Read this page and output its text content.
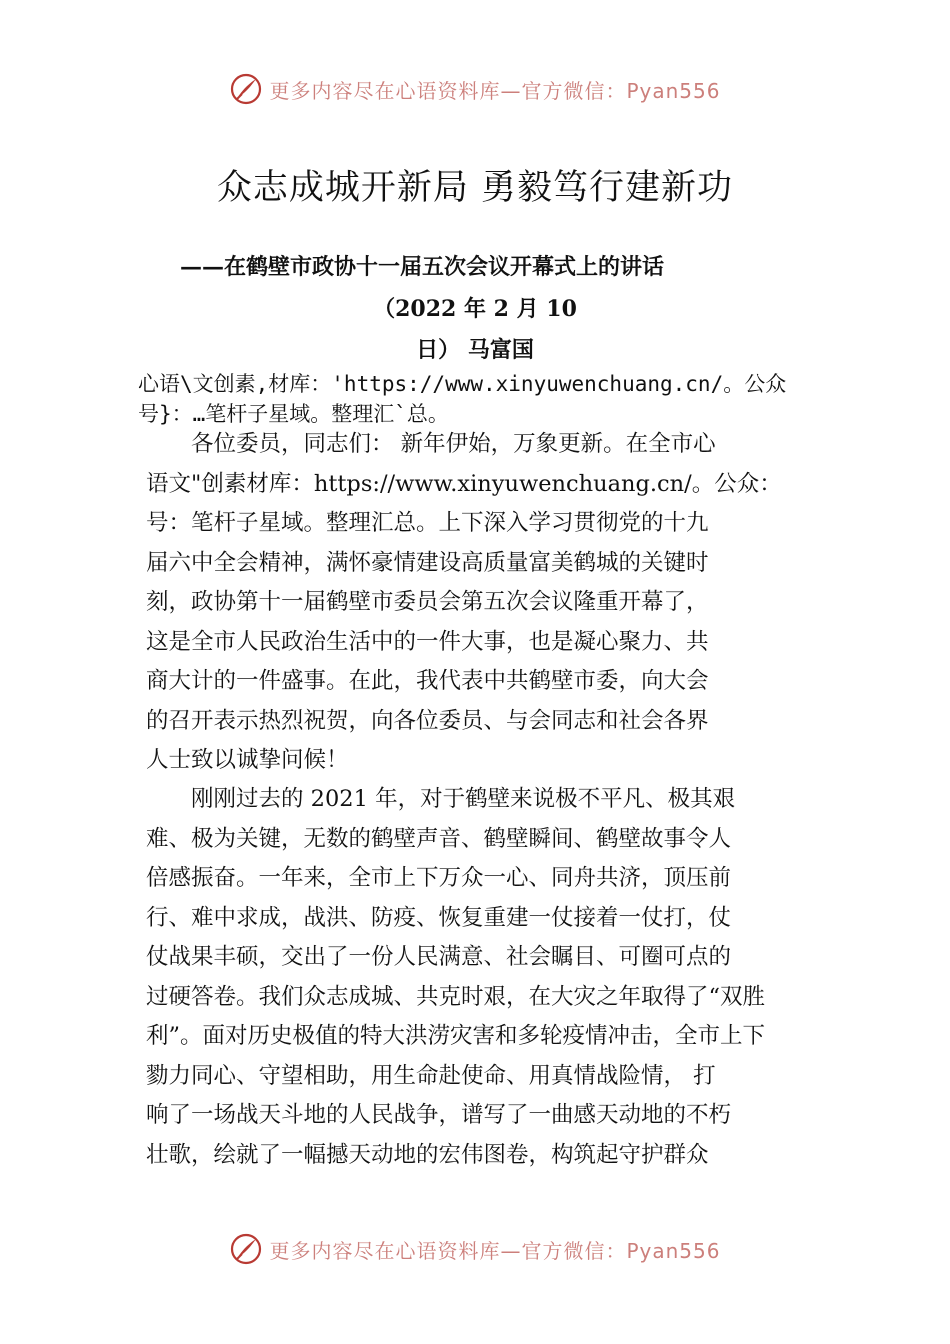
更多内容尽在心语资料库—官方微信：Pyan556
众志成城开新局 勇毅笃行建新功
——在鹤壁市政协十一届五次会议开幕式上的讲话
（2022 年 2 月 10
日） 马富国
心语\文创素,材库：'https://www.xinyuwenchuang.cn/。公众
号}：…笔杆子星域。整理汇`总。
各位委员，同志们： 新年伊始，万象更新。在全市心
语文"创素材库：https://www.xinyuwenchuang.cn/。公众：
号：笔杆子星域。整理汇总。上下深入学习贯彻党的十九
届六中全会精神，满怀豪情建设高质量富美鹤城的关键时
刻，政协第十一届鹤壁市委员会第五次会议隆重开幕了，
这是全市人民政治生活中的一件大事，也是凝心聚力、共
商大计的一件盛事。在此，我代表中共鹤壁市委，向大会
的召开表示热烈祝贺，向各位委员、与会同志和社会各界
人士致以诚挚问候！
刚刚过去的 2021 年，对于鹤壁来说极不平凡、极其艰
难、极为关键，无数的鹤壁声音、鹤壁瞬间、鹤壁故事令人
倍感振奋。一年来，全市上下万众一心、同舟共济，顶压前
行、难中求成，战洪、防疫、恢复重建一仗接着一仗打，仗
仗战果丰硕，交出了一份人民满意、社会瞩目、可圈可点的
过硬答卷。我们众志成城、共克时艰，在大灾之年取得了“双胜
利”。面对历史极值的特大洪涝灾害和多轮疫情冲击，全市上下
勠力同心、守望相助，用生命赴使命、用真情战险情， 打
响了一场战天斗地的人民战争，谱写了一曲感天动地的不朽
壮歌，绘就了一幅撼天动地的宏伟图卷，构筑起守护群众
更多内容尽在心语资料库—官方微信：Pyan556
